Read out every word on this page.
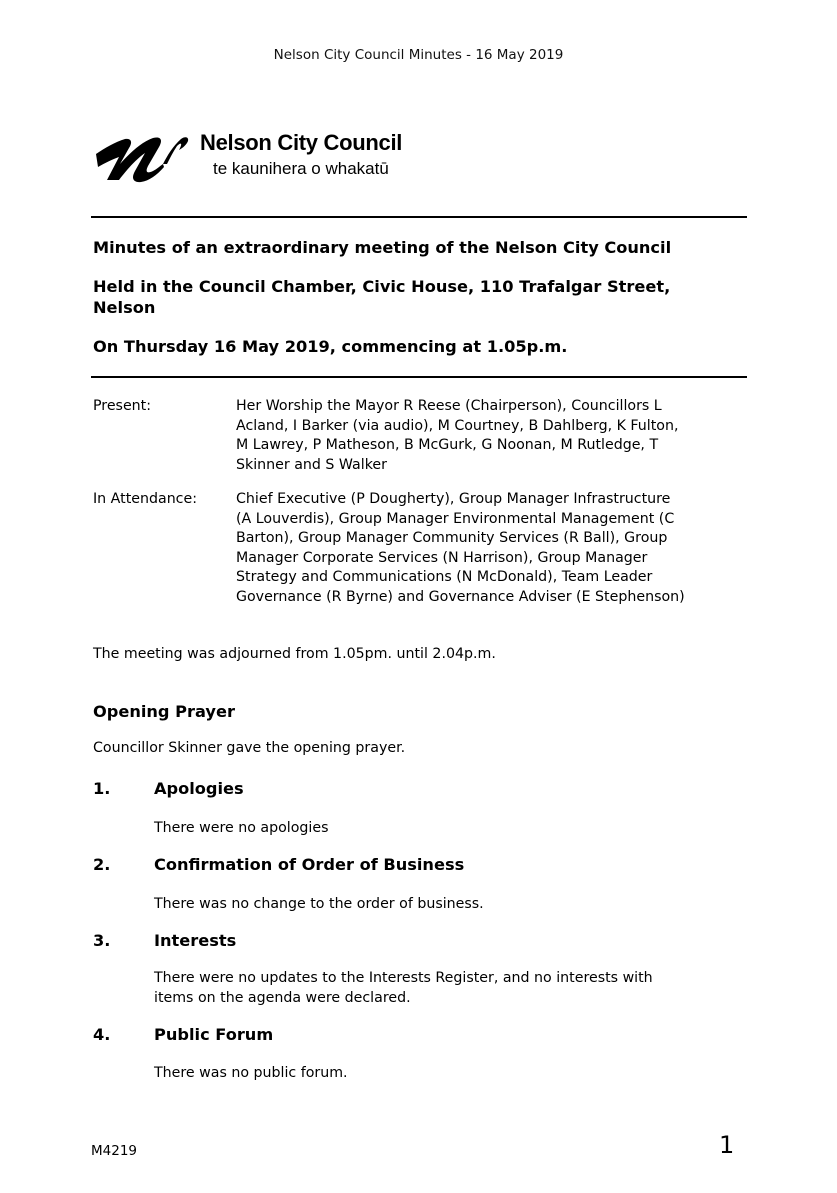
Nelson City Council Minutes - 16 May 2019
Nelson City Council
te kaunihera o whakatū
Minutes of an extraordinary meeting of the Nelson City Council
Held in the Council Chamber, Civic House, 110 Trafalgar Street,
Nelson
On Thursday 16 May 2019, commencing at 1.05p.m.
Present:	Her Worship the Mayor R Reese (Chairperson), Councillors L
Acland, I Barker (via audio), M Courtney, B Dahlberg, K Fulton,
M Lawrey, P Matheson, B McGurk, G Noonan, M Rutledge, T
Skinner and S Walker
In Attendance:	Chief Executive (P Dougherty), Group Manager Infrastructure
(A Louverdis), Group Manager Environmental Management (C
Barton), Group Manager Community Services (R Ball), Group
Manager Corporate Services (N Harrison), Group Manager
Strategy and Communications (N McDonald), Team Leader
Governance (R Byrne) and Governance Adviser (E Stephenson)
The meeting was adjourned from 1.05pm. until 2.04p.m.
Opening Prayer
Councillor Skinner gave the opening prayer.
1.	Apologies
There were no apologies
2.	Confirmation of Order of Business
There was no change to the order of business.
3.	Interests
There were no updates to the Interests Register, and no interests with
items on the agenda were declared.
4.	Public Forum
There was no public forum.
M4219	1
